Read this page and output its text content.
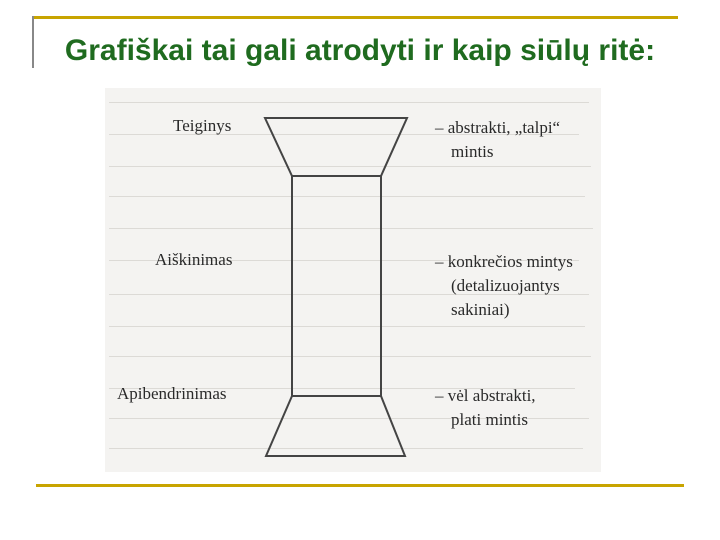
Grafiškai tai gali atrodyti ir kaip siūlų ritė:
Teiginys
Aiškinimas
Apibendrinimas
– abstrakti, „talpi“
mintis
– konkrečios mintys
(detalizuojantys
sakiniai)
– vėl abstrakti,
plati mintis
